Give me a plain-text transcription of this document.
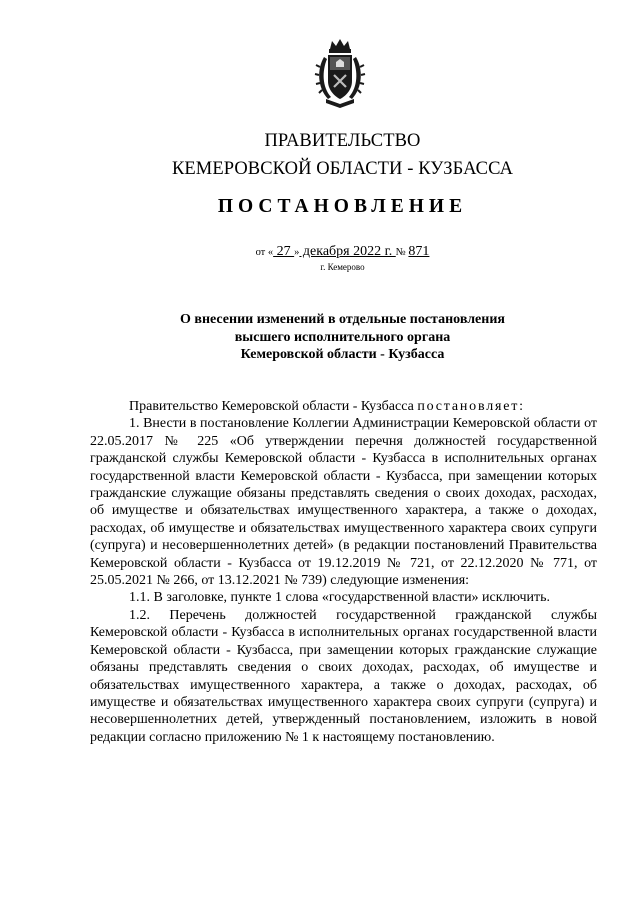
ПРАВИТЕЛЬСТВО
КЕМЕРОВСКОЙ ОБЛАСТИ - КУЗБАССА
ПОСТАНОВЛЕНИЕ
от « 27 » декабря 2022 г. № 871
г. Кемерово
О внесении изменений в отдельные постановления
высшего исполнительного органа
Кемеровской области - Кузбасса

Правительство Кемеровской области - Кузбасса постановляет:

1. Внести в постановление Коллегии Администрации Кемеровской области от 22.05.2017 № 225 «Об утверждении перечня должностей государственной гражданской службы Кемеровской области - Кузбасса в исполнительных органах государственной власти Кемеровской области - Кузбасса, при замещении которых гражданские служащие обязаны представлять сведения о своих доходах, расходах, об имуществе и обязательствах имущественного характера, а также о доходах, расходах, об имуществе и обязательствах имущественного характера своих супруги (супруга) и несовершеннолетних детей» (в редакции постановлений Правительства Кемеровской области - Кузбасса от 19.12.2019 № 721, от 22.12.2020 № 771, от 25.05.2021 № 266, от 13.12.2021 № 739) следующие изменения:

1.1. В заголовке, пункте 1 слова «государственной власти» исключить.

1.2. Перечень должностей государственной гражданской службы Кемеровской области - Кузбасса в исполнительных органах государственной власти Кемеровской области - Кузбасса, при замещении которых гражданские служащие обязаны представлять сведения о своих доходах, расходах, об имуществе и обязательствах имущественного характера, а также о доходах, расходах, об имуществе и обязательствах имущественного характера своих супруги (супруга) и несовершеннолетних детей, утвержденный постановлением, изложить в новой редакции согласно приложению № 1 к настоящему постановлению.
